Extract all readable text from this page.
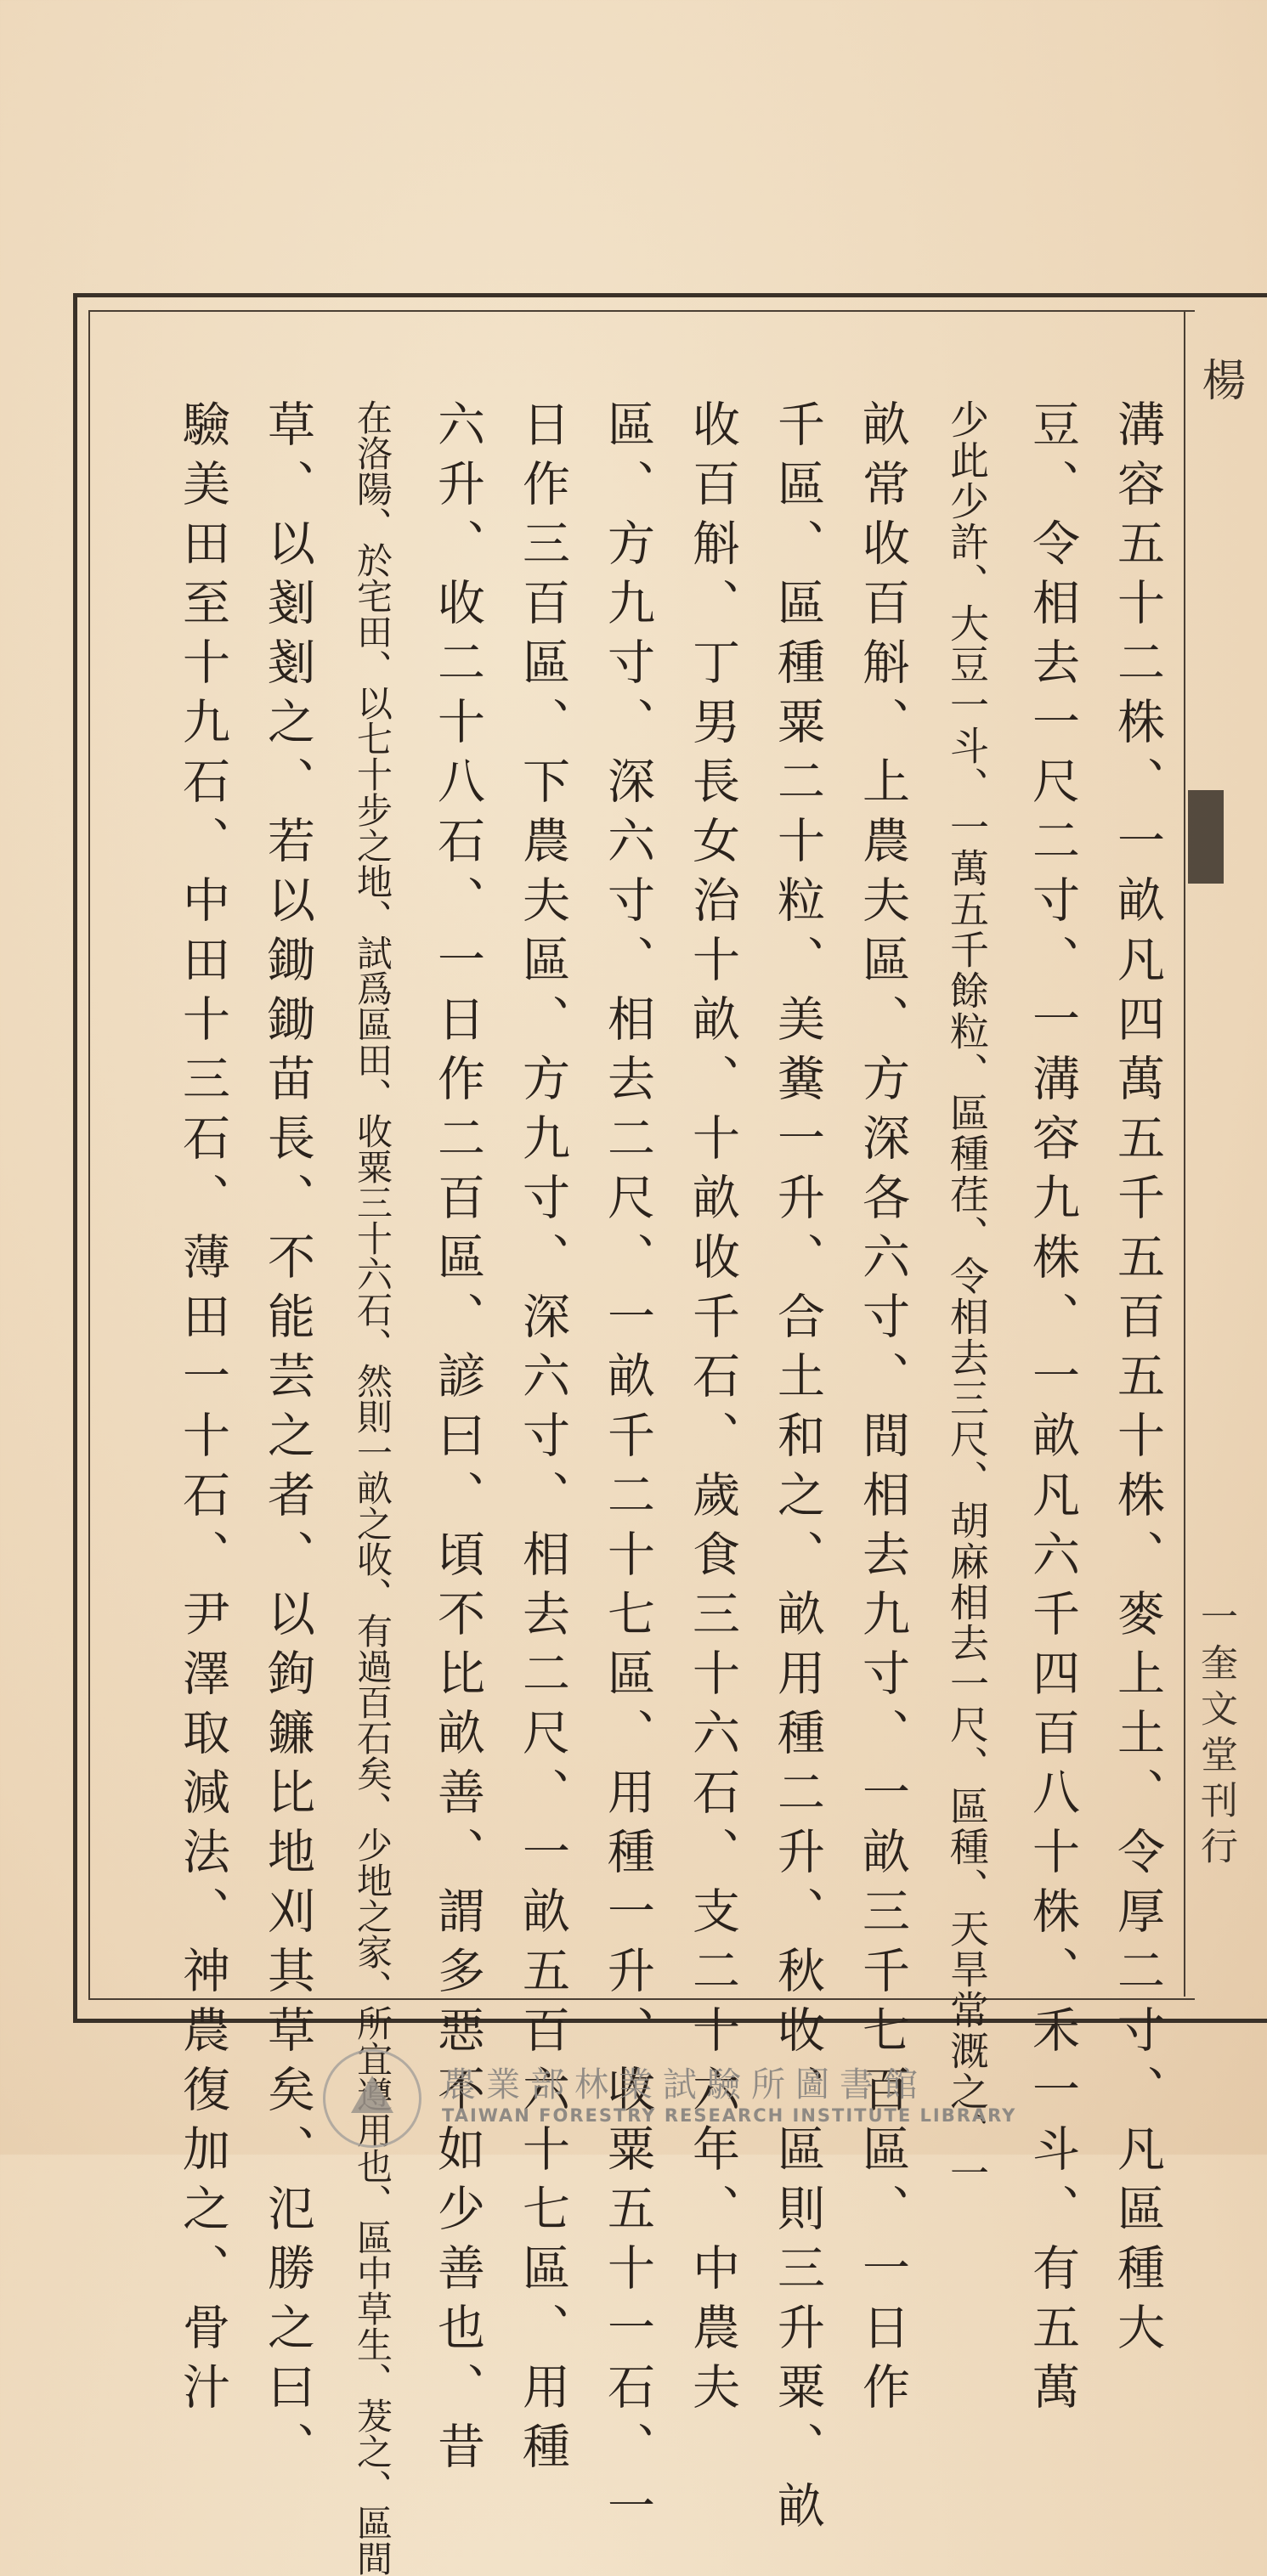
楊
一奎文堂刊行
溝容五十二株、一畝凡四萬五千五百五十株、麥上土、令厚二寸、凡區種大
豆、令相去一尺二寸、一溝容九株、一畝凡六千四百八十株、禾一斗、有五萬
少此少許、大豆一斗、一萬五千餘粒、區種荏、令相去三尺、胡麻相去一尺、區種、天旱常溉之、一
畝常收百斛、上農夫區、方深各六寸、間相去九寸、一畝三千七百區、一日作
千區、區種粟二十粒、美糞一升、合土和之、畝用種二升、秋收、區則三升粟、畝
收百斛、丁男長女治十畝、十畝收千石、歲食三十六石、支二十六年、中農夫
區、方九寸、深六寸、相去二尺、一畝千二十七區、用種一升、收粟五十一石、一
日作三百區、下農夫區、方九寸、深六寸、相去二尺、一畝五百六十七區、用種
六升、收二十八石、一日作二百區、諺曰、頃不比畝善、謂多惡不如少善也、昔
在洛陽、於宅田、以七十步之地、試爲區田、收粟三十六石、然則一畝之收、有過百石矣、少地之家、所宜遵用也、區中草生、茇之、區間
草、以剗剗之、若以鋤鋤苗長、不能芸之者、以鉤鐮比地刈其草矣、氾勝之曰、
驗美田至十九石、中田十三石、薄田一十石、尹澤取減法、神農復加之、骨汁	農業部林業試驗所圖書館
TAIWAN FORESTRY RESEARCH INSTITUTE LIBRARY
